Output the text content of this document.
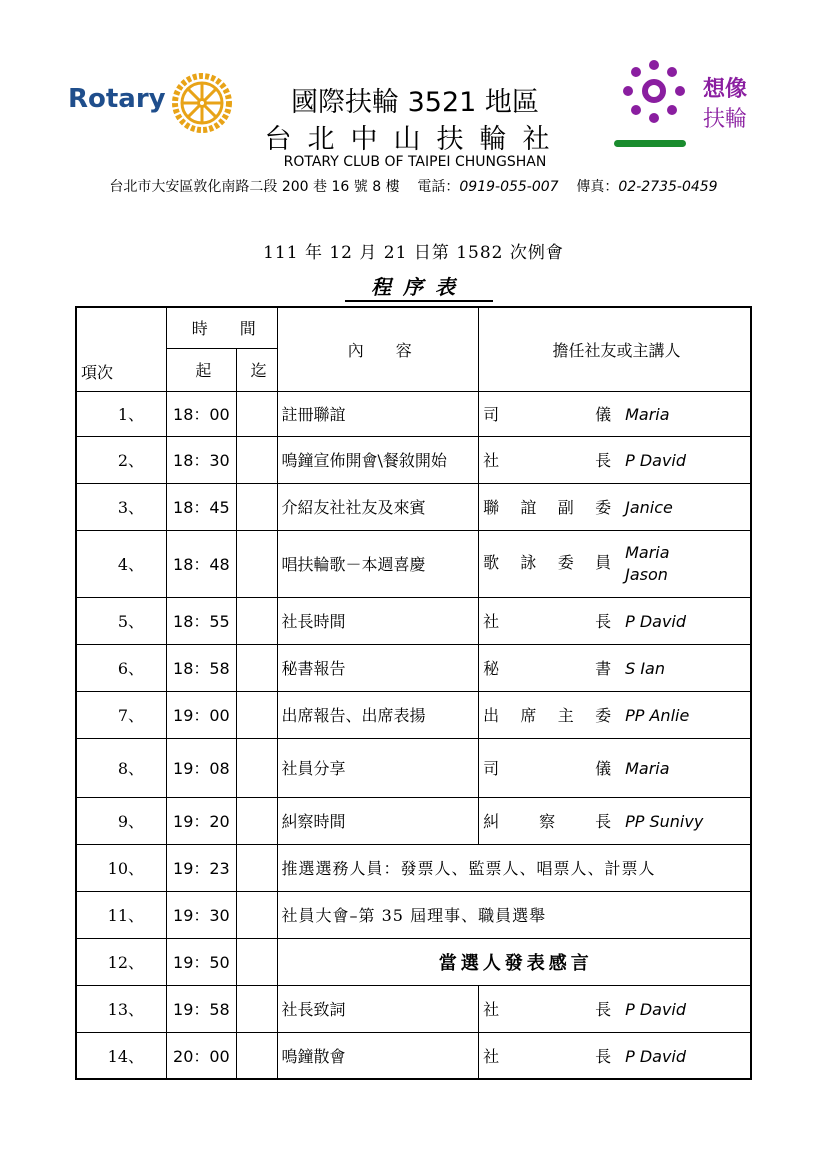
Rotary	國際扶輪 3521 地區
台北中山扶輪社
ROTARY CLUB OF TAIPEI CHUNGSHAN
台北市大安區敦化南路二段 200 巷 16 號 8 樓 電話：0919-055-007 傳真：02-2735-0459
想像
扶輪
111 年 12 月 21 日第 1582 次例會
程序表
項次	時　　間		內　　容	擔任社友或主講人
	起	迄		
1、	18：00		註冊聯誼	司儀 Maria
2、	18：30		鳴鐘宣佈開會\餐敘開始	社長 P David
3、	18：45		介紹友社社友及來賓	聯誼副委 Janice
4、	18：48		唱扶輪歌－本週喜慶	歌詠委員Maria
Jason
5、	18：55		社長時間	社長 P David
6、	18：58		秘書報告	秘書 S Ian
7、	19：00		出席報告、出席表揚	出席主委 PP Anlie
8、	19：08		社員分享	司儀 Maria
9、	19：20		糾察時間	糾察長 PP Sunivy
10、	19：23		推選選務人員：發票人、監票人、唱票人、計票人	
11、	19：30		社員大會–第 35 屆理事、職員選舉	
12、	19：50		當選人發表感言	
13、	19：58		社長致詞	社長 P David
14、	20：00		鳴鐘散會	社長 P David
